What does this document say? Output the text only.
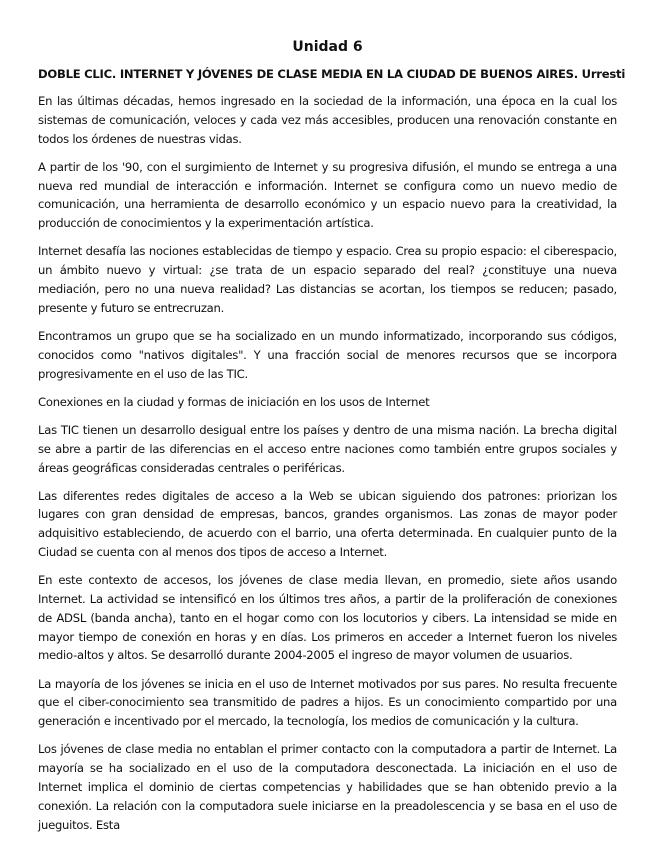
Unidad 6
DOBLE CLIC. INTERNET Y JÓVENES DE CLASE MEDIA EN LA CIUDAD DE BUENOS AIRES. Urresti

En las últimas décadas, hemos ingresado en la sociedad de la información, una época en la cual los sistemas de comunicación, veloces y cada vez más accesibles, producen una renovación constante en todos los órdenes de nuestras vidas.

A partir de los '90, con el surgimiento de Internet y su progresiva difusión, el mundo se entrega a una nueva red mundial de interacción e información. Internet se configura como un nuevo medio de comunicación, una herramienta de desarrollo económico y un espacio nuevo para la creatividad, la producción de conocimientos y la experimentación artística.

Internet desafía las nociones establecidas de tiempo y espacio. Crea su propio espacio: el ciberespacio, un ámbito nuevo y virtual: ¿se trata de un espacio separado del real? ¿constituye una nueva mediación, pero no una nueva realidad? Las distancias se acortan, los tiempos se reducen; pasado, presente y futuro se entrecruzan.

Encontramos un grupo que se ha socializado en un mundo informatizado, incorporando sus códigos, conocidos como "nativos digitales". Y una fracción social de menores recursos que se incorpora progresivamente en el uso de las TIC.

Conexiones en la ciudad y formas de iniciación en los usos de Internet

Las TIC tienen un desarrollo desigual entre los países y dentro de una misma nación. La brecha digital se abre a partir de las diferencias en el acceso entre naciones como también entre grupos sociales y áreas geográficas consideradas centrales o periféricas.

Las diferentes redes digitales de acceso a la Web se ubican siguiendo dos patrones: priorizan los lugares con gran densidad de empresas, bancos, grandes organismos. Las zonas de mayor poder adquisitivo estableciendo, de acuerdo con el barrio, una oferta determinada. En cualquier punto de la Ciudad se cuenta con al menos dos tipos de acceso a Internet.

En este contexto de accesos, los jóvenes de clase media llevan, en promedio, siete años usando Internet. La actividad se intensificó en los últimos tres años, a partir de la proliferación de conexiones de ADSL (banda ancha), tanto en el hogar como con los locutorios y cibers. La intensidad se mide en mayor tiempo de conexión en horas y en días. Los primeros en acceder a Internet fueron los niveles medio-altos y altos. Se desarrolló durante 2004-2005 el ingreso de mayor volumen de usuarios.

La mayoría de los jóvenes se inicia en el uso de Internet motivados por sus pares. No resulta frecuente que el ciber-conocimiento sea transmitido de padres a hijos. Es un conocimiento compartido por una generación e incentivado por el mercado, la tecnología, los medios de comunicación y la cultura.

Los jóvenes de clase media no entablan el primer contacto con la computadora a partir de Internet. La mayoría se ha socializado en el uso de la computadora desconectada. La iniciación en el uso de Internet implica el dominio de ciertas competencias y habilidades que se han obtenido previo a la conexión. La relación con la computadora suele iniciarse en la preadolescencia y se basa en el uso de jueguitos. Esta
